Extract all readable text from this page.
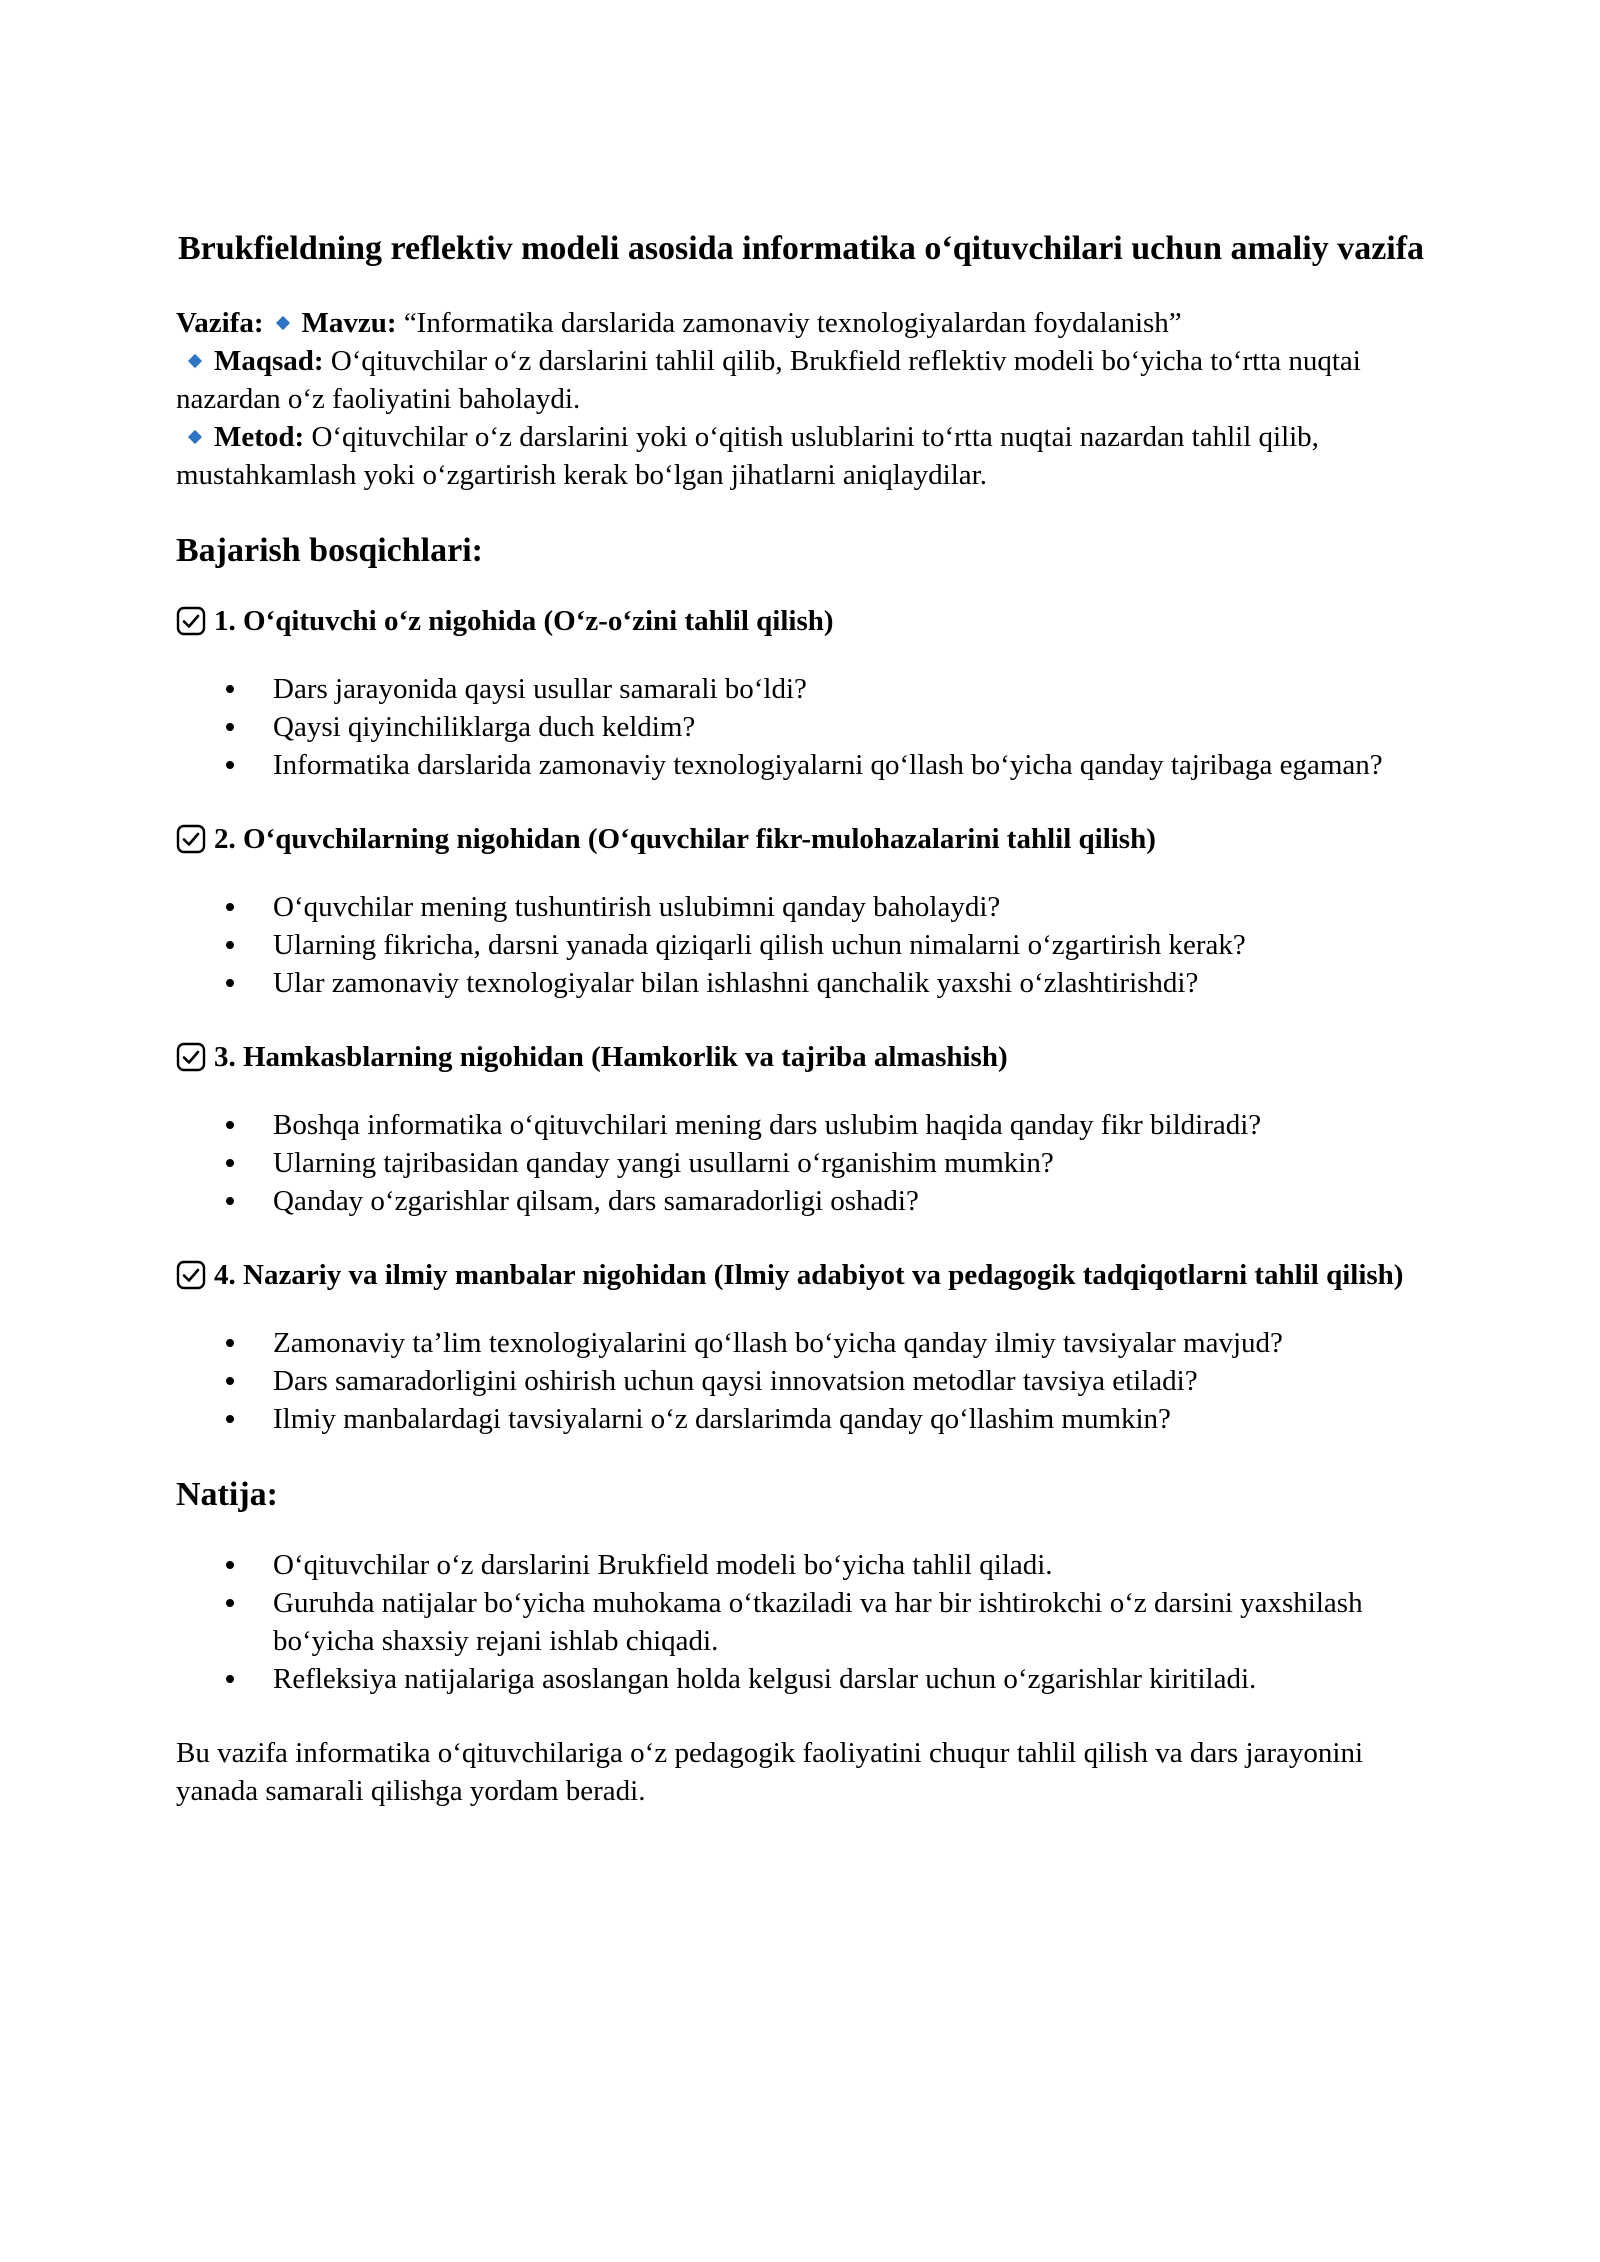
Brukfieldning reflektiv modeli asosida informatika o‘qituvchilari uchun amaliy vazifa

Vazifa: Mavzu: “Informatika darslarida zamonaviy texnologiyalardan foydalanish”

Maqsad: O‘qituvchilar o‘z darslarini tahlil qilib, Brukfield reflektiv modeli bo‘yicha to‘rtta nuqtai nazardan o‘z faoliyatini baholaydi.

Metod: O‘qituvchilar o‘z darslarini yoki o‘qitish uslublarini to‘rtta nuqtai nazardan tahlil qilib, mustahkamlash yoki o‘zgartirish kerak bo‘lgan jihatlarni aniqlaydilar.

Bajarish bosqichlari:

1. O‘qituvchi o‘z nigohida (O‘z-o‘zini tahlil qilish)

Dars jarayonida qaysi usullar samarali bo‘ldi?
Qaysi qiyinchiliklarga duch keldim?
Informatika darslarida zamonaviy texnologiyalarni qo‘llash bo‘yicha qanday tajribaga egaman?

2. O‘quvchilarning nigohidan (O‘quvchilar fikr-mulohazalarini tahlil qilish)

O‘quvchilar mening tushuntirish uslubimni qanday baholaydi?
Ularning fikricha, darsni yanada qiziqarli qilish uchun nimalarni o‘zgartirish kerak?
Ular zamonaviy texnologiyalar bilan ishlashni qanchalik yaxshi o‘zlashtirishdi?

3. Hamkasblarning nigohidan (Hamkorlik va tajriba almashish)

Boshqa informatika o‘qituvchilari mening dars uslubim haqida qanday fikr bildiradi?
Ularning tajribasidan qanday yangi usullarni o‘rganishim mumkin?
Qanday o‘zgarishlar qilsam, dars samaradorligi oshadi?

4. Nazariy va ilmiy manbalar nigohidan (Ilmiy adabiyot va pedagogik tadqiqotlarni tahlil qilish)

Zamonaviy ta’lim texnologiyalarini qo‘llash bo‘yicha qanday ilmiy tavsiyalar mavjud?
Dars samaradorligini oshirish uchun qaysi innovatsion metodlar tavsiya etiladi?
Ilmiy manbalardagi tavsiyalarni o‘z darslarimda qanday qo‘llashim mumkin?
Natija:
O‘qituvchilar o‘z darslarini Brukfield modeli bo‘yicha tahlil qiladi.
Guruhda natijalar bo‘yicha muhokama o‘tkaziladi va har bir ishtirokchi o‘z darsini yaxshilash bo‘yicha shaxsiy rejani ishlab chiqadi.
Refleksiya natijalariga asoslangan holda kelgusi darslar uchun o‘zgarishlar kiritiladi.

Bu vazifa informatika o‘qituvchilariga o‘z pedagogik faoliyatini chuqur tahlil qilish va dars jarayonini yanada samarali qilishga yordam beradi.
